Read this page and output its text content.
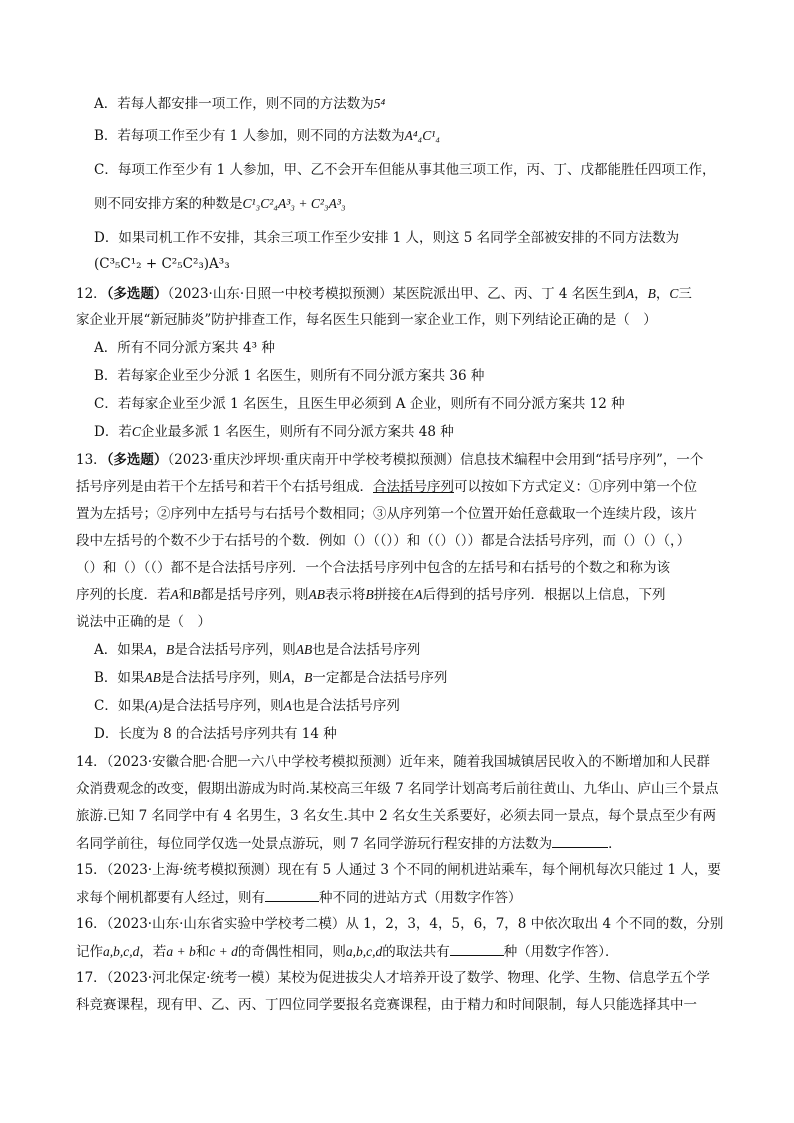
A．若每人都安排一项工作，则不同的方法数为5⁴
B．若每项工作至少有 1 人参加，则不同的方法数为A⁴₄C¹₄
C．每项工作至少有 1 人参加，甲、乙不会开车但能从事其他三项工作，丙、丁、戊都能胜任四项工作，
则不同安排方案的种数是C¹₃C²₄A³₃ + C²₃A³₃
D．如果司机工作不安排，其余三项工作至少安排 1 人，则这 5 名同学全部被安排的不同方法数为
(C³₅C¹₂ + C²₅C²₃)A³₃
12．（多选题）（2023·山东·日照一中校考模拟预测）某医院派出甲、乙、丙、丁 4 名医生到A，B，C三
家企业开展“新冠肺炎”防护排查工作，每名医生只能到一家企业工作，则下列结论正确的是（　）
A．所有不同分派方案共 4³ 种
B．若每家企业至少分派 1 名医生，则所有不同分派方案共 36 种
C．若每家企业至少派 1 名医生，且医生甲必须到 A 企业，则所有不同分派方案共 12 种
D．若C企业最多派 1 名医生，则所有不同分派方案共 48 种
13．（多选题）（2023·重庆沙坪坝·重庆南开中学校考模拟预测）信息技术编程中会用到“括号序列”，一个
括号序列是由若干个左括号和若干个右括号组成．合法括号序列可以按如下方式定义：①序列中第一个位
置为左括号；②序列中左括号与右括号个数相同；③从序列第一个位置开始任意截取一个连续片段，该片
段中左括号的个数不少于右括号的个数．例如（）（（））和（（）（））都是合法括号序列，而（）（）（，）
（）和（）（（）都不是合法括号序列．一个合法括号序列中包含的左括号和右括号的个数之和称为该
序列的长度．若A和B都是括号序列，则AB表示将B拼接在A后得到的括号序列．根据以上信息，下列
说法中正确的是（　）
A．如果A，B是合法括号序列，则AB也是合法括号序列
B．如果AB是合法括号序列，则A，B一定都是合法括号序列
C．如果(A)是合法括号序列，则A也是合法括号序列
D．长度为 8 的合法括号序列共有 14 种
14．（2023·安徽合肥·合肥一六八中学校考模拟预测）近年来，随着我国城镇居民收入的不断增加和人民群
众消费观念的改变，假期出游成为时尚.某校高三年级 7 名同学计划高考后前往黄山、九华山、庐山三个景点
旅游.已知 7 名同学中有 4 名男生，3 名女生.其中 2 名女生关系要好，必须去同一景点，每个景点至少有两
名同学前往，每位同学仅选一处景点游玩，则 7 名同学游玩行程安排的方法数为	．
15．（2023·上海·统考模拟预测）现在有 5 人通过 3 个不同的闸机进站乘车，每个闸机每次只能过 1 人，要
求每个闸机都要有人经过，则有	种不同的进站方式（用数字作答）
16．（2023·山东·山东省实验中学校考二模）从 1，2，3，4，5，6，7，8 中依次取出 4 个不同的数，分别
记作a,b,c,d，若a + b和c + d的奇偶性相同，则a,b,c,d的取法共有	种（用数字作答）．
17．（2023·河北保定·统考一模）某校为促进拔尖人才培养开设了数学、物理、化学、生物、信息学五个学
科竞赛课程，现有甲、乙、丙、丁四位同学要报名竞赛课程，由于精力和时间限制，每人只能选择其中一
